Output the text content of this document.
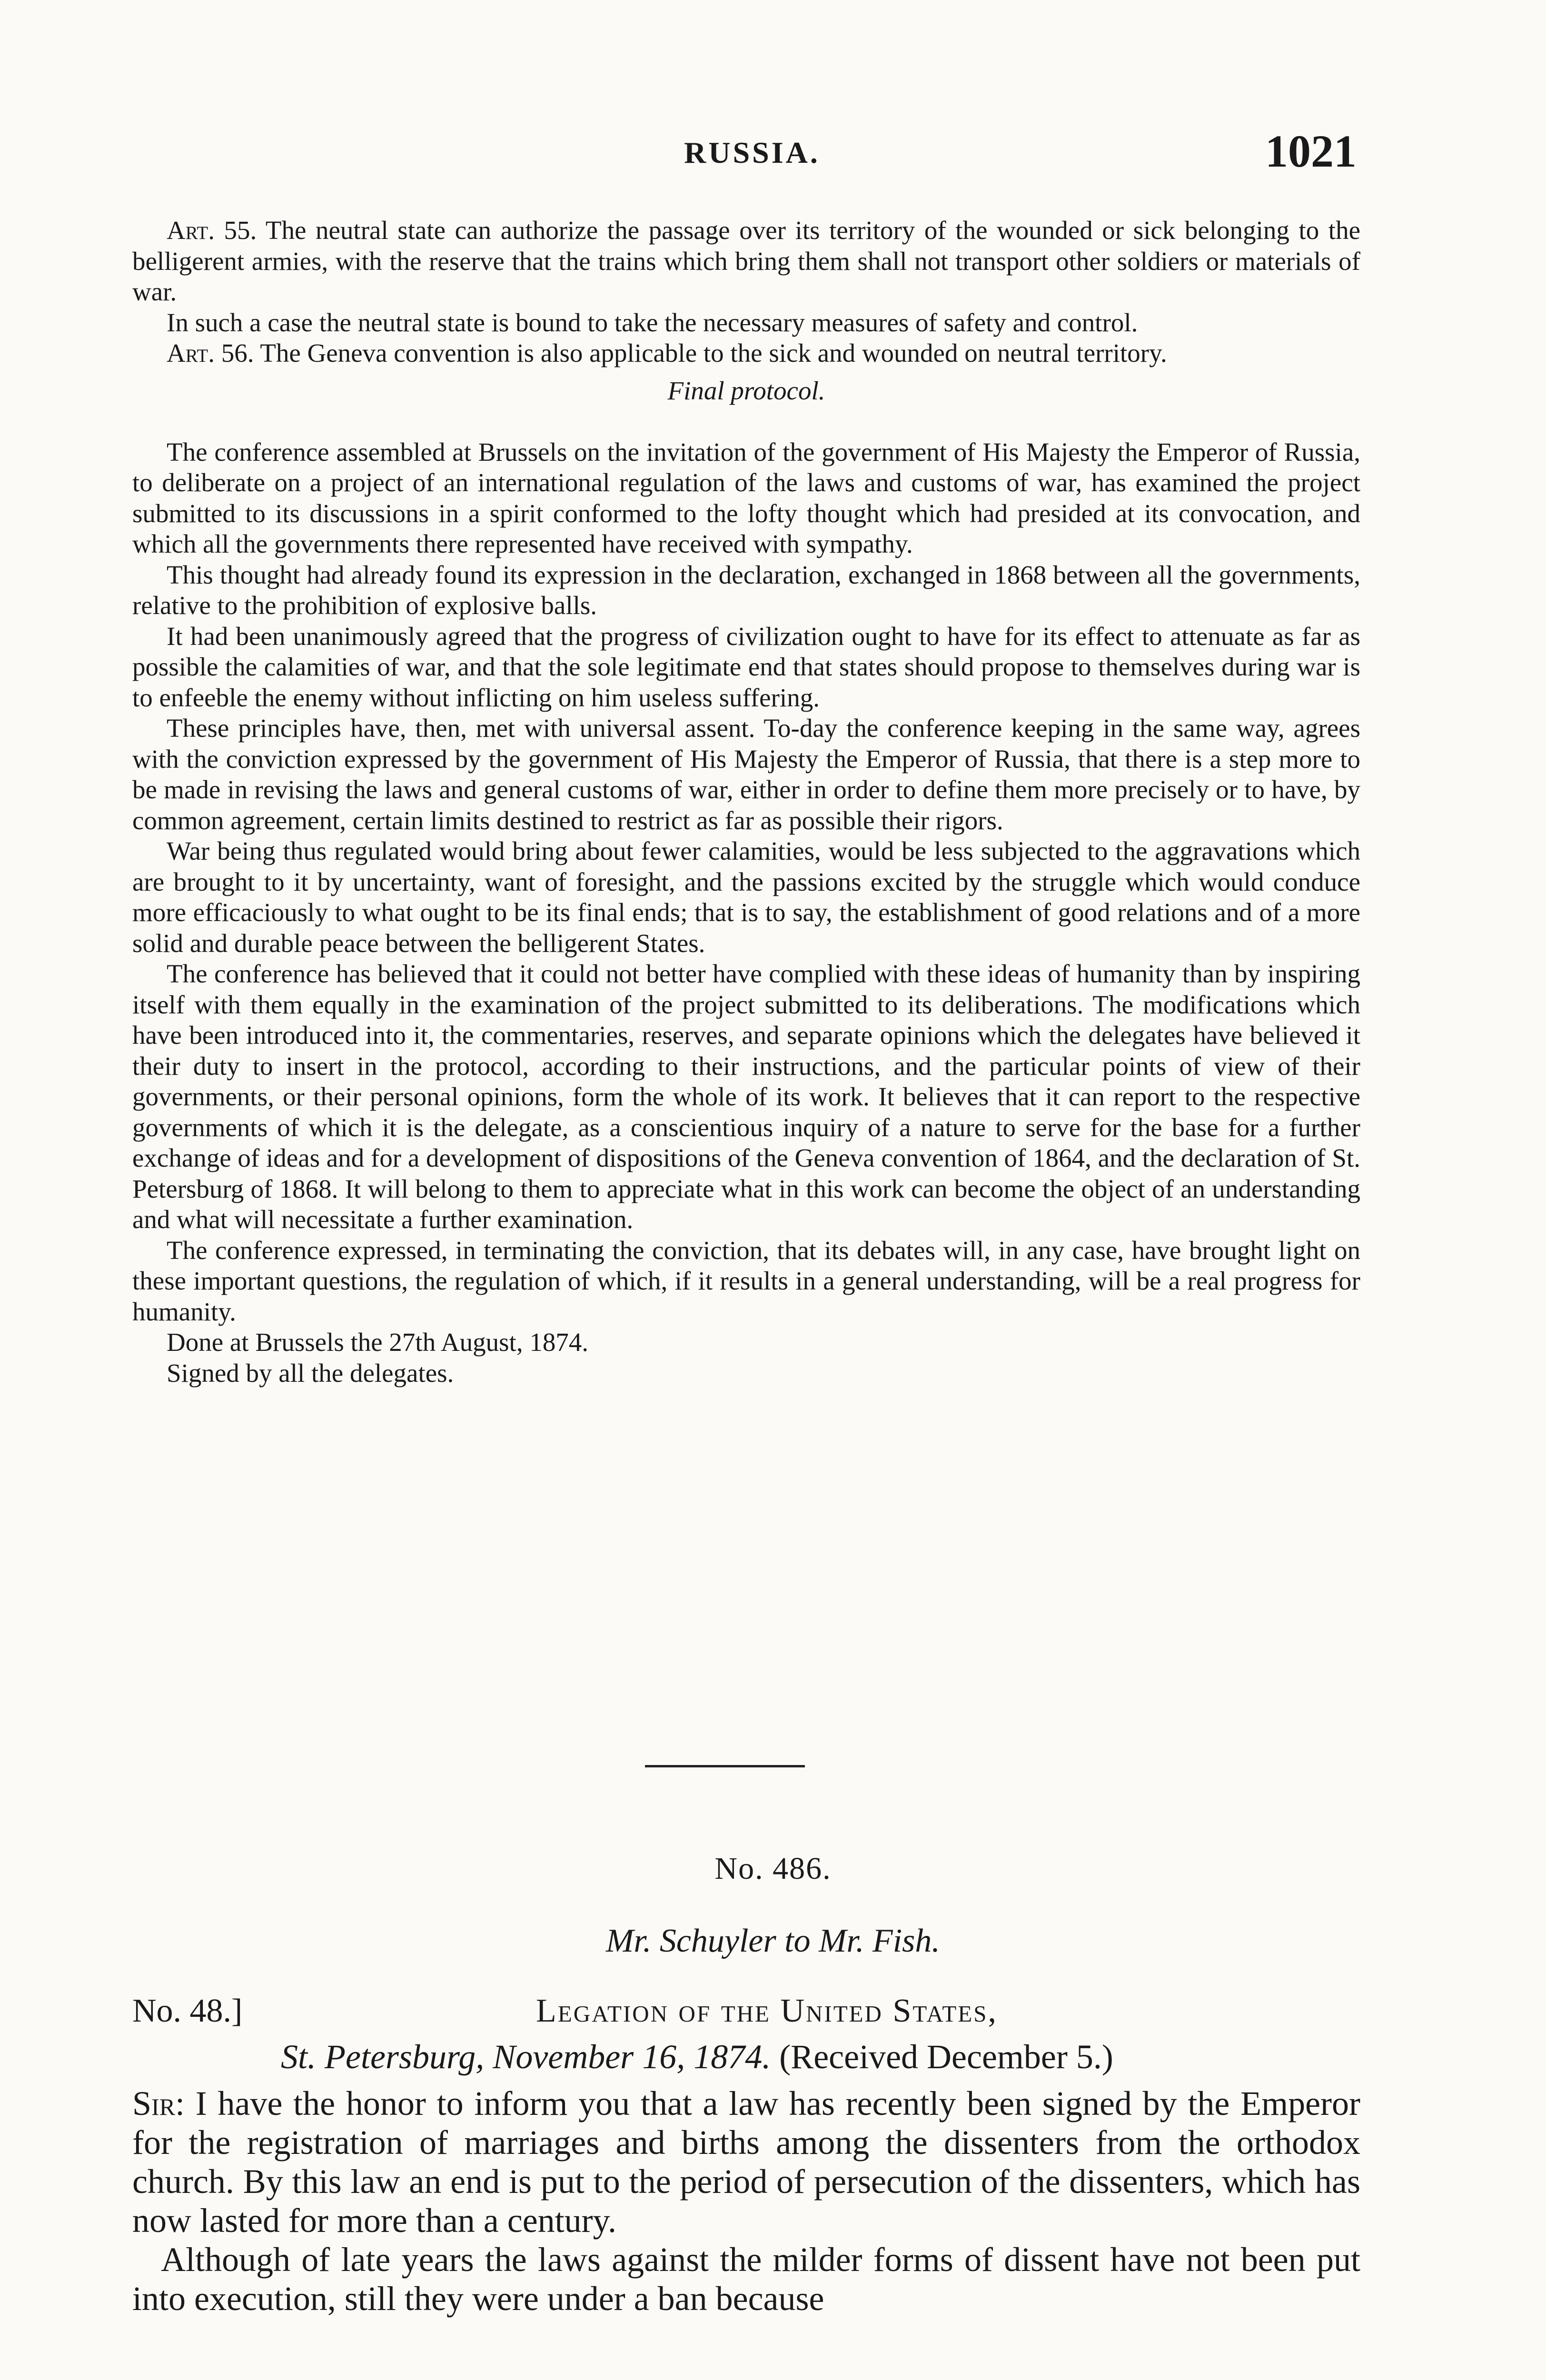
RUSSIA.	1021

Art. 55. The neutral state can authorize the passage over its territory of the wounded or sick belonging to the belligerent armies, with the reserve that the trains which bring them shall not transport other soldiers or materials of war.

In such a case the neutral state is bound to take the necessary measures of safety and control.

Art. 56. The Geneva convention is also applicable to the sick and wounded on neutral territory.

Final protocol.

The conference assembled at Brussels on the invitation of the government of His Majesty the Emperor of Russia, to deliberate on a project of an international regulation of the laws and customs of war, has examined the project submitted to its discussions in a spirit conformed to the lofty thought which had presided at its convocation, and which all the governments there represented have received with sympathy.

This thought had already found its expression in the declaration, exchanged in 1868 between all the governments, relative to the prohibition of explosive balls.

It had been unanimously agreed that the progress of civilization ought to have for its effect to attenuate as far as possible the calamities of war, and that the sole legitimate end that states should propose to themselves during war is to enfeeble the enemy without inflicting on him useless suffering.

These principles have, then, met with universal assent. To-day the conference keeping in the same way, agrees with the conviction expressed by the government of His Majesty the Emperor of Russia, that there is a step more to be made in revising the laws and general customs of war, either in order to define them more precisely or to have, by common agreement, certain limits destined to restrict as far as possible their rigors.

War being thus regulated would bring about fewer calamities, would be less subjected to the aggravations which are brought to it by uncertainty, want of foresight, and the passions excited by the struggle which would conduce more efficaciously to what ought to be its final ends; that is to say, the establishment of good relations and of a more solid and durable peace between the belligerent States.

The conference has believed that it could not better have complied with these ideas of humanity than by inspiring itself with them equally in the examination of the project submitted to its deliberations. The modifications which have been introduced into it, the commentaries, reserves, and separate opinions which the delegates have believed it their duty to insert in the protocol, according to their instructions, and the particular points of view of their governments, or their personal opinions, form the whole of its work. It believes that it can report to the respective governments of which it is the delegate, as a conscientious inquiry of a nature to serve for the base for a further exchange of ideas and for a development of dispositions of the Geneva convention of 1864, and the declaration of St. Petersburg of 1868. It will belong to them to appreciate what in this work can become the object of an understanding and what will necessitate a further examination.

The conference expressed, in terminating the conviction, that its debates will, in any case, have brought light on these important questions, the regulation of which, if it results in a general understanding, will be a real progress for humanity.

Done at Brussels the 27th August, 1874.

Signed by all the delegates.

No. 486.
Mr. Schuyler to Mr. Fish.
No. 48.]	Legation of the United States,
St. Petersburg, November 16, 1874. (Received December 5.)

Sir: I have the honor to inform you that a law has recently been signed by the Emperor for the registration of marriages and births among the dissenters from the orthodox church. By this law an end is put to the period of persecution of the dissenters, which has now lasted for more than a century.

Although of late years the laws against the milder forms of dissent have not been put into execution, still they were under a ban because
